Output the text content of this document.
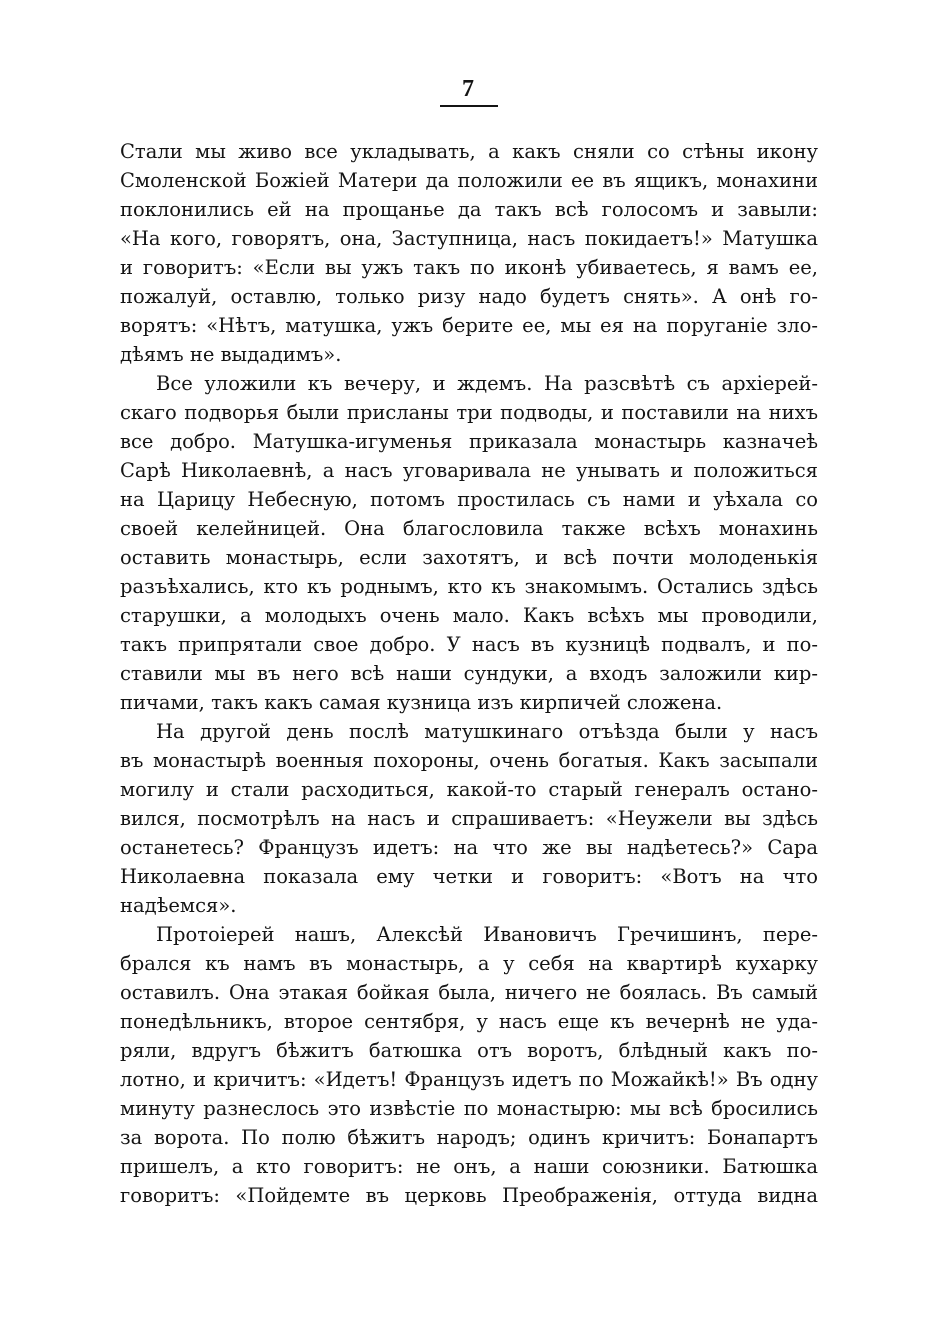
7
Стали мы живо все укладывать, а какъ сняли со стѣны икону
Смоленской Божіей Матери да положили ее въ ящикъ, монахини
поклонились ей на прощанье да такъ всѣ голосомъ и завыли:
«На кого, говорятъ, она, Заступница, насъ покидаетъ!» Матушка
и говоритъ: «Если вы ужъ такъ по иконѣ убиваетесь, я вамъ ее,
пожалуй, оставлю, только ризу надо будетъ снять». А онѣ го-
ворятъ: «Нѣтъ, матушка, ужъ берите ее, мы ея на поруганіе зло-
дѣямъ не выдадимъ».
Все уложили къ вечеру, и ждемъ. На разсвѣтѣ съ архіерей-
скаго подворья были присланы три подводы, и поставили на нихъ
все добро. Матушка-игуменья приказала монастырь казначеѣ
Сарѣ Николаевнѣ, а насъ уговаривала не унывать и положиться
на Царицу Небесную, потомъ простилась съ нами и уѣхала со
своей келейницей. Она благословила также всѣхъ монахинь
оставить монастырь, если захотятъ, и всѣ почти молоденькія
разъѣхались, кто къ роднымъ, кто къ знакомымъ. Остались здѣсь
старушки, а молодыхъ очень мало. Какъ всѣхъ мы проводили,
такъ припрятали свое добро. У насъ въ кузницѣ подвалъ, и по-
ставили мы въ него всѣ наши сундуки, а входъ заложили кир-
пичами, такъ какъ самая кузница изъ кирпичей сложена.
На другой день послѣ матушкинаго отъѣзда были у насъ
въ монастырѣ военныя похороны, очень богатыя. Какъ засыпали
могилу и стали расходиться, какой-то старый генералъ остано-
вился, посмотрѣлъ на насъ и спрашиваетъ: «Неужели вы здѣсь
останетесь? Французъ идетъ: на что же вы надѣетесь?» Сара
Николаевна показала ему четки и говоритъ: «Вотъ на что
надѣемся».
Протоіерей нашъ, Алексѣй Ивановичъ Гречишинъ, пере-
брался къ намъ въ монастырь, а у себя на квартирѣ кухарку
оставилъ. Она этакая бойкая была, ничего не боялась. Въ самый
понедѣльникъ, второе сентября, у насъ еще къ вечернѣ не уда-
ряли, вдругъ бѣжитъ батюшка отъ воротъ, блѣдный какъ по-
лотно, и кричитъ: «Идетъ! Французъ идетъ по Можайкѣ!» Въ одну
минуту разнеслось это извѣстіе по монастырю: мы всѣ бросились
за ворота. По полю бѣжитъ народъ; одинъ кричитъ: Бонапартъ
пришелъ, а кто говоритъ: не онъ, а наши союзники. Батюшка
говоритъ: «Пойдемте въ церковь Преображенія, оттуда видна
